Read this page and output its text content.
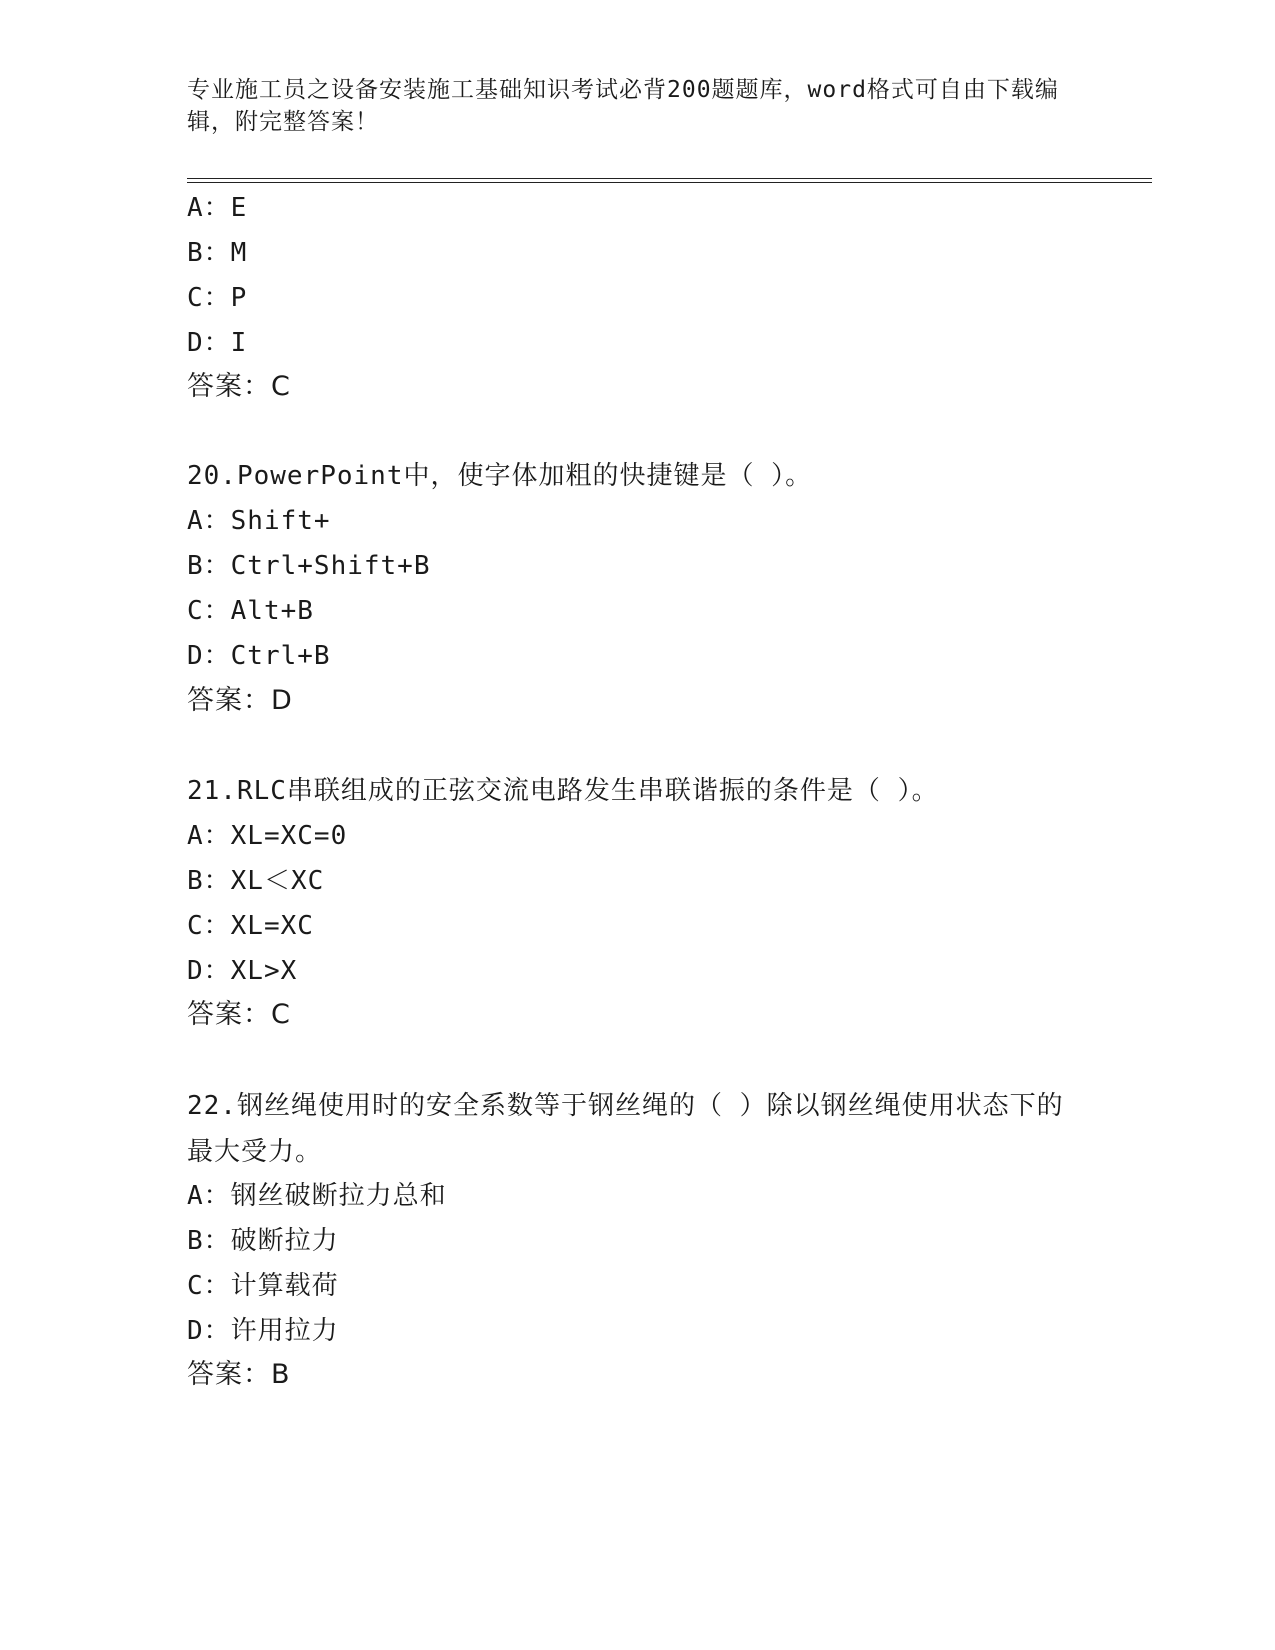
专业施工员之设备安装施工基础知识考试必背200题题库，word格式可自由下载编辑，附完整答案！
A：E
B：M
C：P
D：I
答案：C
20.PowerPoint中，使字体加粗的快捷键是（ ）。
A：Shift+
B：Ctrl+Shift+B
C：Alt+B
D：Ctrl+B
答案：D
21.RLC串联组成的正弦交流电路发生串联谐振的条件是（ ）。
A：XL=XC=0
B：XL＜XC
C：XL=XC
D：XL>X
答案：C
22.钢丝绳使用时的安全系数等于钢丝绳的（ ）除以钢丝绳使用状态下的最大受力。
A：钢丝破断拉力总和
B：破断拉力
C：计算载荷
D：许用拉力
答案：B
